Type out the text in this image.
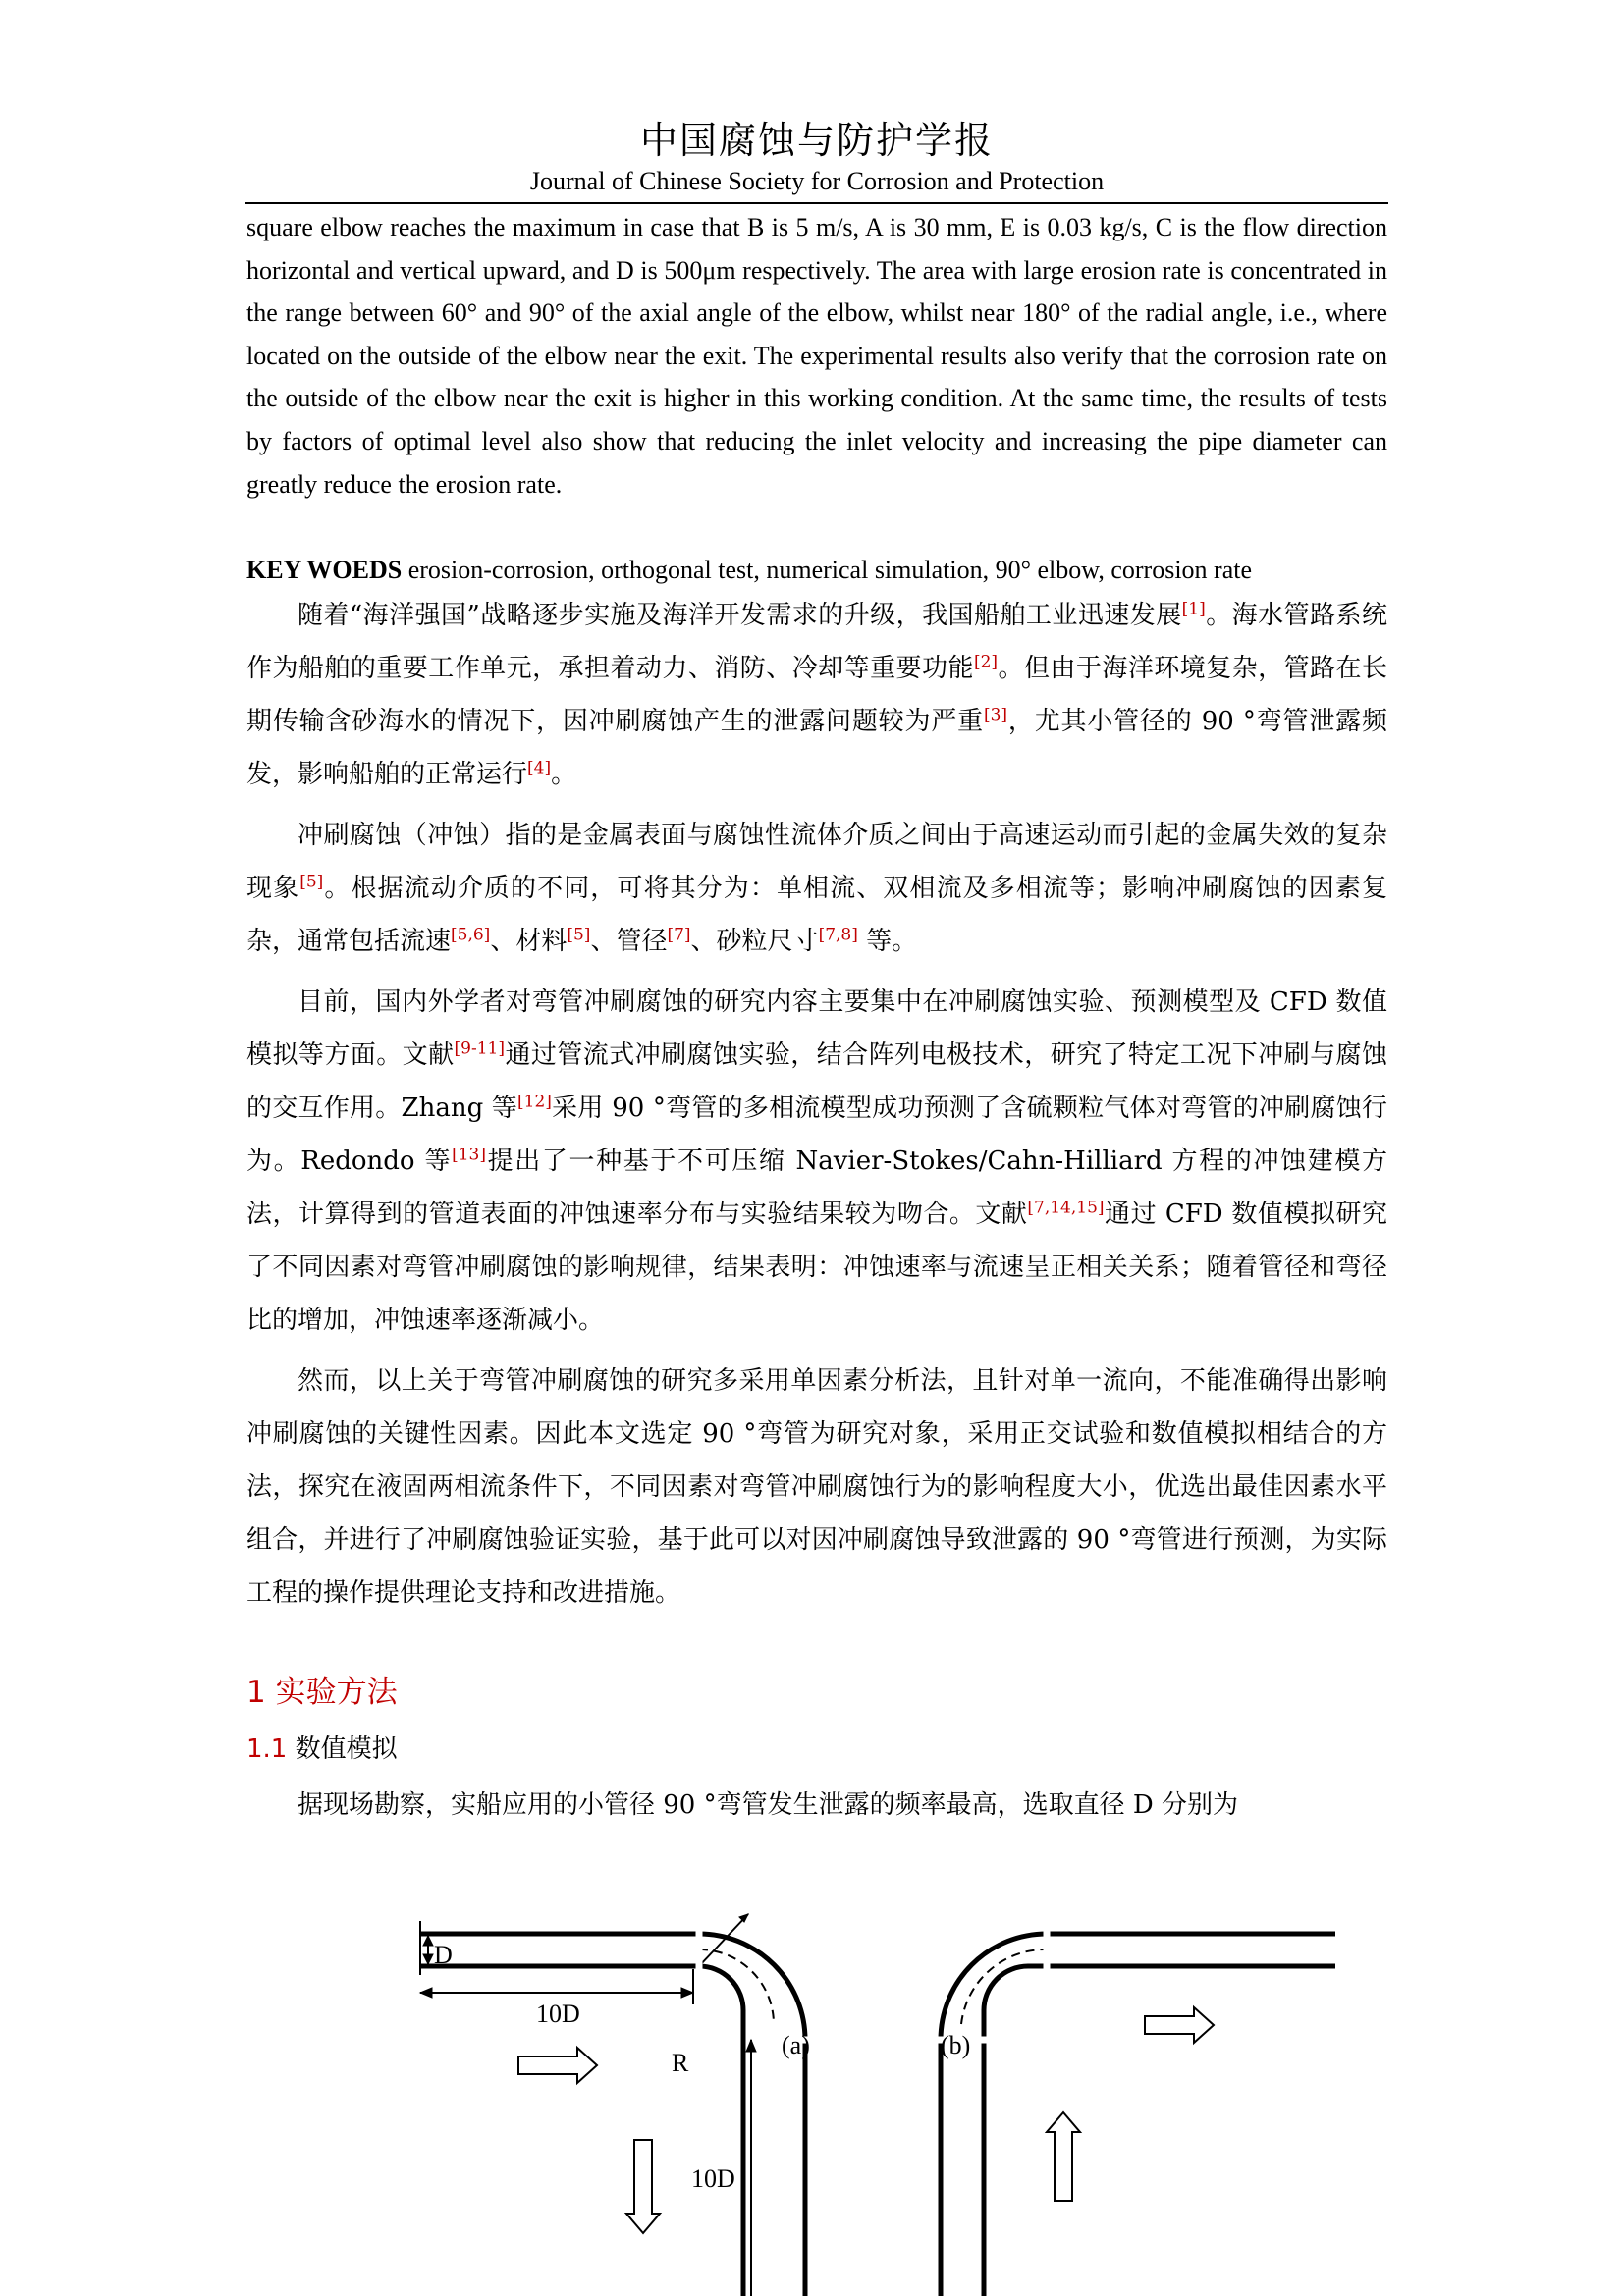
中国腐蚀与防护学报
Journal of Chinese Society for Corrosion and Protection
square elbow reaches the maximum in case that B is 5 m/s, A is 30 mm, E is 0.03 kg/s, C is the flow direction horizontal and vertical upward, and D is 500μm respectively. The area with large erosion rate is concentrated in the range between 60° and 90° of the axial angle of the elbow, whilst near 180° of the radial angle, i.e., where located on the outside of the elbow near the exit. The experimental results also verify that the corrosion rate on the outside of the elbow near the exit is higher in this working condition. At the same time, the results of tests by factors of optimal level also show that reducing the inlet velocity and increasing the pipe diameter can greatly reduce the erosion rate.
KEY WOEDS erosion-corrosion, orthogonal test, numerical simulation, 90° elbow, corrosion rate

随着“海洋强国”战略逐步实施及海洋开发需求的升级，我国船舶工业迅速发展[1]。海水管路系统作为船舶的重要工作单元，承担着动力、消防、冷却等重要功能[2]。但由于海洋环境复杂，管路在长期传输含砂海水的情况下，因冲刷腐蚀产生的泄露问题较为严重[3]，尤其小管径的 90 °弯管泄露频发，影响船舶的正常运行[4]。

冲刷腐蚀（冲蚀）指的是金属表面与腐蚀性流体介质之间由于高速运动而引起的金属失效的复杂现象[5]。根据流动介质的不同，可将其分为：单相流、双相流及多相流等；影响冲刷腐蚀的因素复杂，通常包括流速[5,6]、材料[5]、管径[7]、砂粒尺寸[7,8] 等。

目前，国内外学者对弯管冲刷腐蚀的研究内容主要集中在冲刷腐蚀实验、预测模型及 CFD 数值模拟等方面。文献[9-11]通过管流式冲刷腐蚀实验，结合阵列电极技术，研究了特定工况下冲刷与腐蚀的交互作用。Zhang 等[12]采用 90 °弯管的多相流模型成功预测了含硫颗粒气体对弯管的冲刷腐蚀行为。Redondo 等[13]提出了一种基于不可压缩 Navier-Stokes/Cahn-Hilliard 方程的冲蚀建模方法，计算得到的管道表面的冲蚀速率分布与实验结果较为吻合。文献[7,14,15]通过 CFD 数值模拟研究了不同因素对弯管冲刷腐蚀的影响规律，结果表明：冲蚀速率与流速呈正相关关系；随着管径和弯径比的增加，冲蚀速率逐渐减小。

然而，以上关于弯管冲刷腐蚀的研究多采用单因素分析法，且针对单一流向，不能准确得出影响冲刷腐蚀的关键性因素。因此本文选定 90 °弯管为研究对象，采用正交试验和数值模拟相结合的方法，探究在液固两相流条件下，不同因素对弯管冲刷腐蚀行为的影响程度大小，优选出最佳因素水平组合，并进行了冲刷腐蚀验证实验，基于此可以对因冲刷腐蚀导致泄露的 90 °弯管进行预测，为实际工程的操作提供理论支持和改进措施。

1 实验方法
1.1 数值模拟
据现场勘察，实船应用的小管径 90 °弯管发生泄露的频率最高，选取直径 D 分别为
D
10D
R
(a)	(b)
10D
